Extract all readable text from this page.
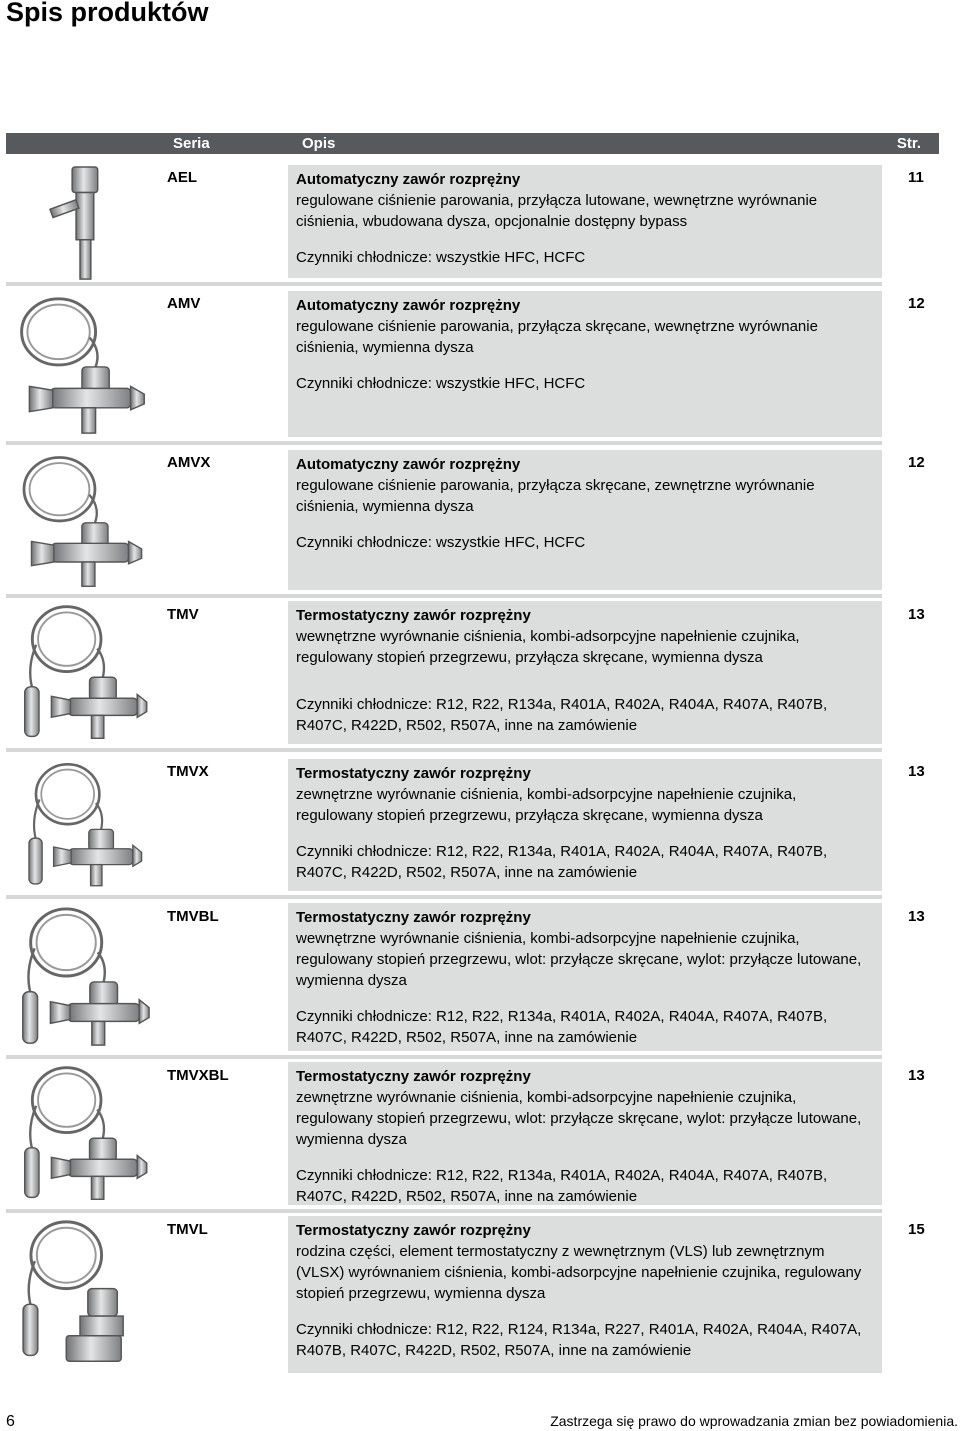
Spis produktów
Seria	Opis	Str.
AEL	Automatyczny zawór rozprężny
regulowane ciśnienie parowania, przyłącza lutowane, wewnętrzne wyrównanie ciśnienia, wbudowana dysza, opcjonalnie dostępny bypass
Czynniki chłodnicze: wszystkie HFC, HCFC
11
AMV	Automatyczny zawór rozprężny
regulowane ciśnienie parowania, przyłącza skręcane, wewnętrzne wyrównanie ciśnienia, wymienna dysza
Czynniki chłodnicze: wszystkie HFC, HCFC
12
AMVX	Automatyczny zawór rozprężny
regulowane ciśnienie parowania, przyłącza skręcane, zewnętrzne wyrównanie ciśnienia, wymienna dysza
Czynniki chłodnicze: wszystkie HFC, HCFC
12
TMV	Termostatyczny zawór rozprężny
wewnętrzne wyrównanie ciśnienia, kombi-adsorpcyjne napełnienie czujnika, regulowany stopień przegrzewu, przyłącza skręcane, wymienna dysza
Czynniki chłodnicze: R12, R22, R134a, R401A, R402A, R404A, R407A, R407B, R407C, R422D, R502, R507A, inne na zamówienie
13
TMVX	Termostatyczny zawór rozprężny
zewnętrzne wyrównanie ciśnienia, kombi-adsorpcyjne napełnienie czujnika, regulowany stopień przegrzewu, przyłącza skręcane, wymienna dysza
Czynniki chłodnicze: R12, R22, R134a, R401A, R402A, R404A, R407A, R407B, R407C, R422D, R502, R507A, inne na zamówienie
13
TMVBL	Termostatyczny zawór rozprężny
wewnętrzne wyrównanie ciśnienia, kombi-adsorpcyjne napełnienie czujnika, regulowany stopień przegrzewu, wlot: przyłącze skręcane, wylot: przyłącze lutowane, wymienna dysza
Czynniki chłodnicze: R12, R22, R134a, R401A, R402A, R404A, R407A, R407B, R407C, R422D, R502, R507A, inne na zamówienie
13
TMVXBL	Termostatyczny zawór rozprężny
zewnętrzne wyrównanie ciśnienia, kombi-adsorpcyjne napełnienie czujnika, regulowany stopień przegrzewu, wlot: przyłącze skręcane, wylot: przyłącze lutowane, wymienna dysza
Czynniki chłodnicze: R12, R22, R134a, R401A, R402A, R404A, R407A, R407B, R407C, R422D, R502, R507A, inne na zamówienie
13
TMVL	Termostatyczny zawór rozprężny
rodzina części, element termostatyczny z wewnętrznym (VLS) lub zewnętrznym (VLSX) wyrównaniem ciśnienia, kombi-adsorpcyjne napełnienie czujnika, regulowany stopień przegrzewu, wymienna dysza
Czynniki chłodnicze: R12, R22, R124, R134a, R227, R401A, R402A, R404A, R407A, R407B, R407C, R422D, R502, R507A, inne na zamówienie
15
6	Zastrzega się prawo do wprowadzania zmian bez powiadomienia.
